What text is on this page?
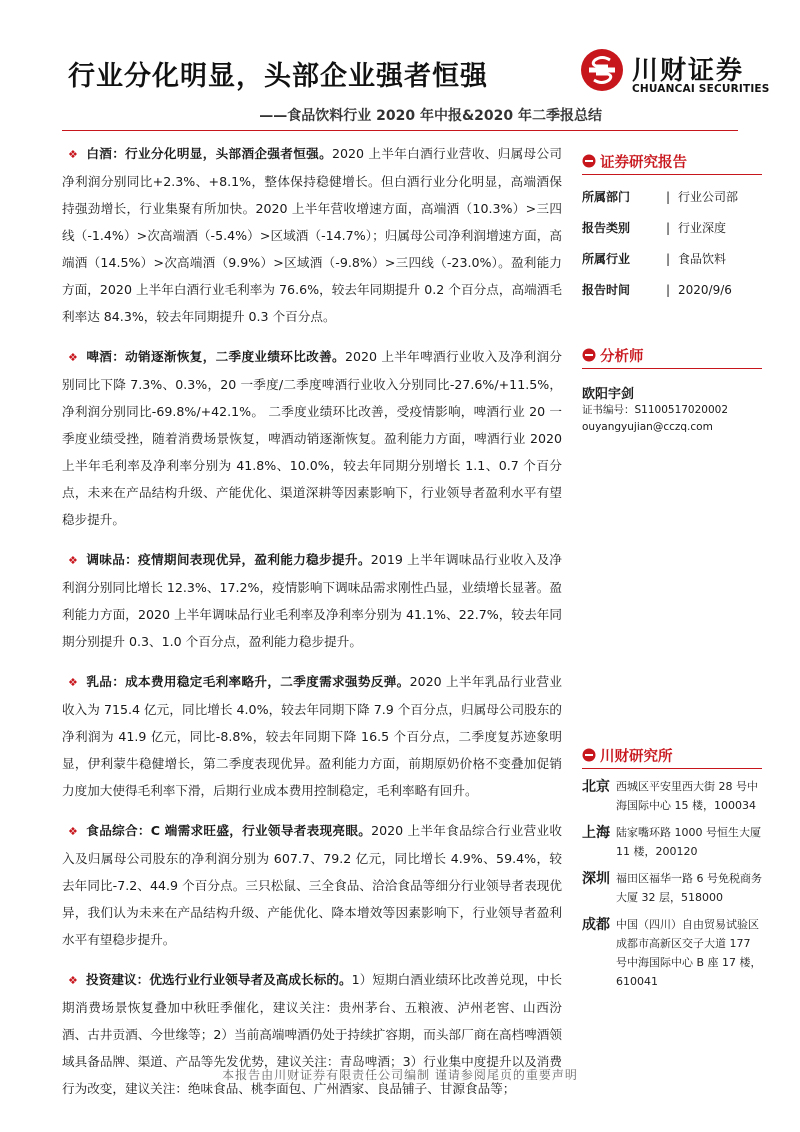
行业分化明显，头部企业强者恒强
——食品饮料行业 2020 年中报&2020 年二季报总结
川财证券
CHUANCAI SECURITIES

❖ 白酒：行业分化明显，头部酒企强者恒强。2020 上半年白酒行业营收、归属母公司净利润分别同比+2.3%、+8.1%，整体保持稳健增长。但白酒行业分化明显，高端酒保持强劲增长，行业集聚有所加快。2020 上半年营收增速方面，高端酒（10.3%）>三四线（-1.4%）>次高端酒（-5.4%）>区域酒（-14.7%）；归属母公司净利润增速方面，高端酒（14.5%）>次高端酒（9.9%）>区域酒（-9.8%）>三四线（-23.0%）。盈利能力方面，2020 上半年白酒行业毛利率为 76.6%，较去年同期提升 0.2 个百分点，高端酒毛利率达 84.3%，较去年同期提升 0.3 个百分点。

❖ 啤酒：动销逐渐恢复，二季度业绩环比改善。2020 上半年啤酒行业收入及净利润分别同比下降 7.3%、0.3%，20 一季度/二季度啤酒行业收入分别同比-27.6%/+11.5%，净利润分别同比-69.8%/+42.1%。 二季度业绩环比改善，受疫情影响，啤酒行业 20 一季度业绩受挫，随着消费场景恢复，啤酒动销逐渐恢复。盈利能力方面，啤酒行业 2020 上半年毛利率及净利率分别为 41.8%、10.0%，较去年同期分别增长 1.1、0.7 个百分点，未来在产品结构升级、产能优化、渠道深耕等因素影响下，行业领导者盈利水平有望稳步提升。

❖ 调味品：疫情期间表现优异，盈利能力稳步提升。2019 上半年调味品行业收入及净利润分别同比增长 12.3%、17.2%，疫情影响下调味品需求刚性凸显，业绩增长显著。盈利能力方面，2020 上半年调味品行业毛利率及净利率分别为 41.1%、22.7%，较去年同期分别提升 0.3、1.0 个百分点，盈利能力稳步提升。

❖ 乳品：成本费用稳定毛利率略升，二季度需求强势反弹。2020 上半年乳品行业营业收入为 715.4 亿元，同比增长 4.0%，较去年同期下降 7.9 个百分点，归属母公司股东的净利润为 41.9 亿元，同比-8.8%，较去年同期下降 16.5 个百分点，二季度复苏迹象明显，伊利蒙牛稳健增长，第二季度表现优异。盈利能力方面，前期原奶价格不变叠加促销力度加大使得毛利率下滑，后期行业成本费用控制稳定，毛利率略有回升。

❖ 食品综合：C 端需求旺盛，行业领导者表现亮眼。2020 上半年食品综合行业营业收入及归属母公司股东的净利润分别为 607.7、79.2 亿元，同比增长 4.9%、59.4%，较去年同比-7.2、44.9 个百分点。三只松鼠、三全食品、洽洽食品等细分行业领导者表现优异，我们认为未来在产品结构升级、产能优化、降本增效等因素影响下，行业领导者盈利水平有望稳步提升。

❖ 投资建议：优选行业行业领导者及高成长标的。1）短期白酒业绩环比改善兑现，中长期消费场景恢复叠加中秋旺季催化，建议关注：贵州茅台、五粮液、泸州老窖、山西汾酒、古井贡酒、今世缘等；2）当前高端啤酒仍处于持续扩容期，而头部厂商在高档啤酒领域具备品牌、渠道、产品等先发优势，建议关注：青岛啤酒；3）行业集中度提升以及消费行为改变，建议关注：绝味食品、桃李面包、广州酒家、良品铺子、甘源食品等；

证券研究报告
所属部门	| 行业公司部
报告类别	| 行业深度
所属行业	| 食品饮料
报告时间	| 2020/9/6
分析师
欧阳宇剑
证书编号：S1100517020002
ouyangyujian@cczq.com
川财研究所
北京 西城区平安里西大街 28 号中海国际中心 15 楼，100034
上海 陆家嘴环路 1000 号恒生大厦 11 楼，200120
深圳 福田区福华一路 6 号免税商务大厦 32 层，518000
成都 中国（四川）自由贸易试验区成都市高新区交子大道 177 号中海国际中心 B 座 17 楼，610041
本报告由川财证券有限责任公司编制 谨请参阅尾页的重要声明
